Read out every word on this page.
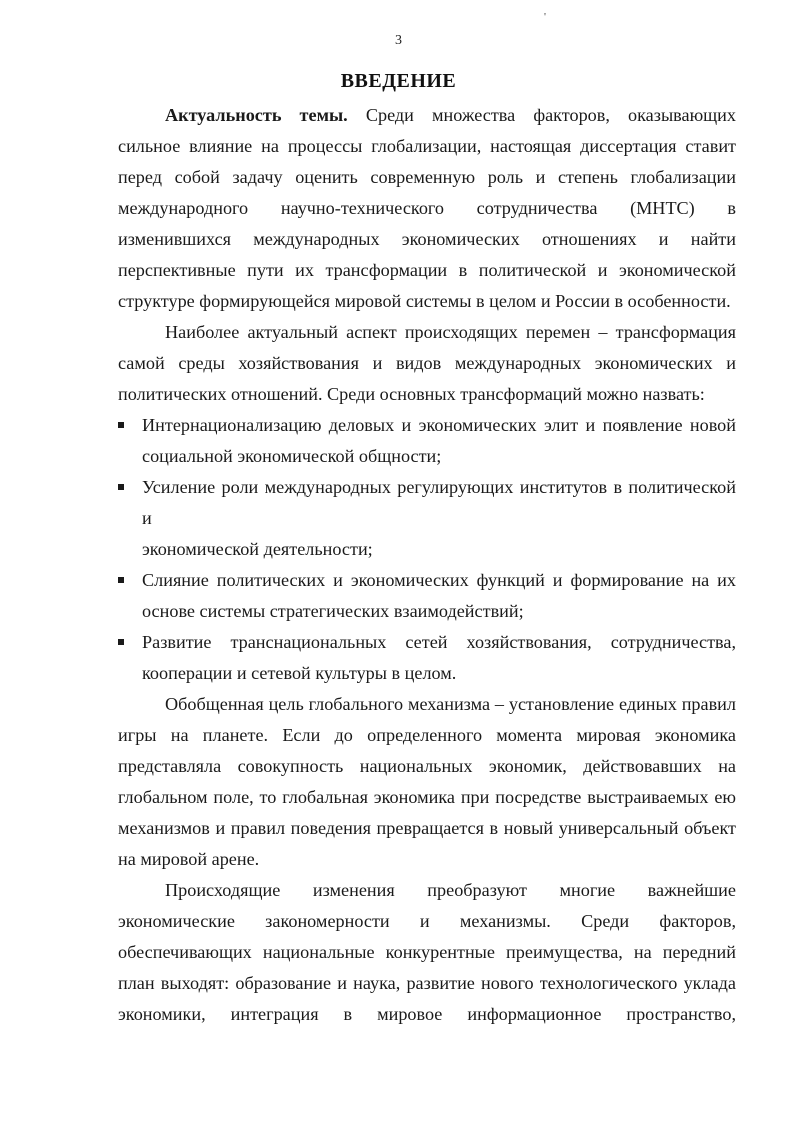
'
3
ВВЕДЕНИЕ
Актуальность темы. Среди множества факторов, оказывающих
сильное влияние на процессы глобализации, настоящая диссертация ставит
перед собой задачу оценить современную роль и степень глобализации
международного научно-технического сотрудничества (МНТС) в
изменившихся международных экономических отношениях и найти
перспективные пути их трансформации в политической и экономической
структуре формирующейся мировой системы в целом и России в особенности.
Наиболее актуальный аспект происходящих перемен – трансформация
самой среды хозяйствования и видов международных экономических и
политических отношений. Среди основных трансформаций можно назвать:
Интернационализацию деловых и экономических элит и появление новой
социальной экономической общности;
Усиление роли международных регулирующих институтов в политической и
экономической деятельности;
Слияние политических и экономических функций и формирование на их
основе системы стратегических взаимодействий;
Развитие транснациональных сетей хозяйствования, сотрудничества,
кооперации и сетевой культуры в целом.
Обобщенная цель глобального механизма – установление единых правил
игры на планете. Если до определенного момента мировая экономика
представляла совокупность национальных экономик, действовавших на
глобальном поле, то глобальная экономика при посредстве выстраиваемых ею
механизмов и правил поведения превращается в новый универсальный объект
на мировой арене.
Происходящие изменения преобразуют многие важнейшие
экономические закономерности и механизмы. Среди факторов,
обеспечивающих национальные конкурентные преимущества, на передний
план выходят: образование и наука, развитие нового технологического уклада
экономики, интеграция в мировое информационное пространство,
